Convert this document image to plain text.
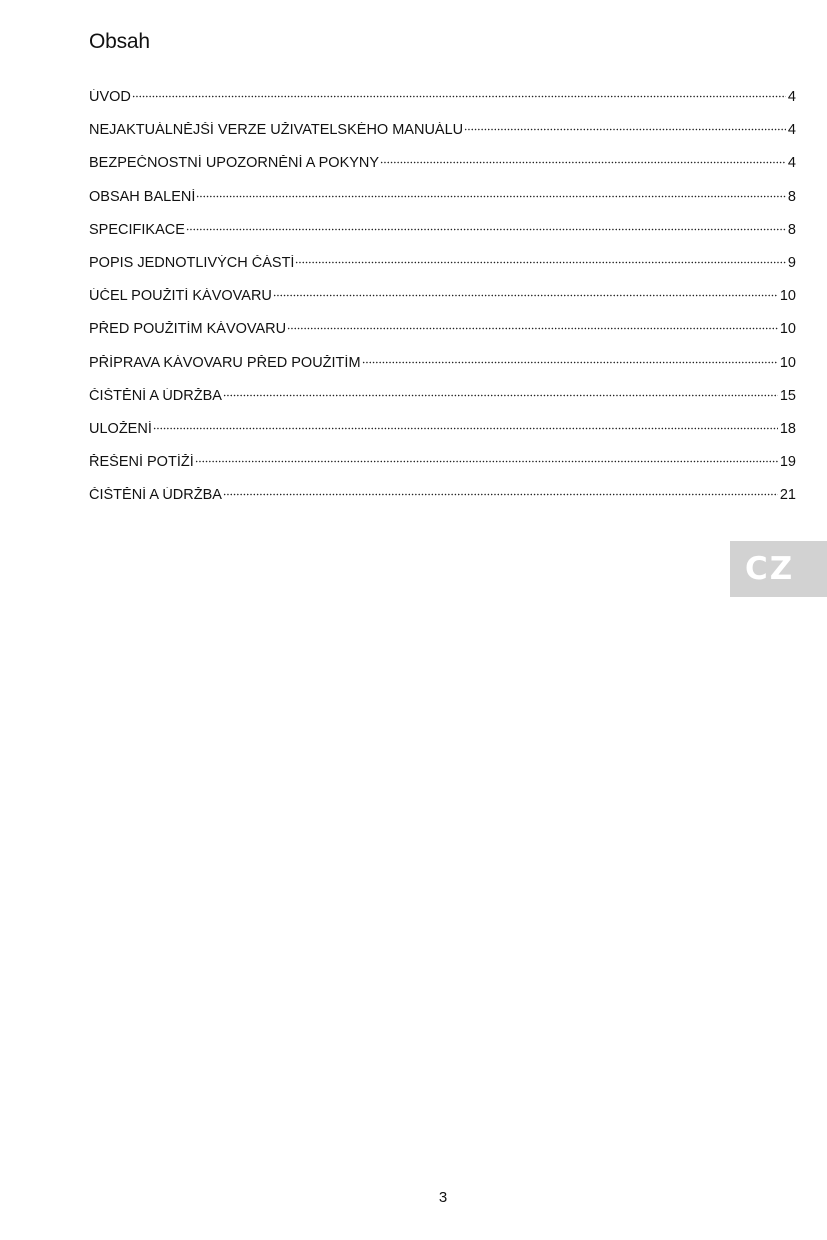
Obsah
ÚVOD	4
NEJAKTUÁLNĚJŠÍ VERZE UŽIVATELSKÉHO MANUÁLU	4
BEZPEČNOSTNÍ UPOZORNĚNÍ A POKYNY	4
OBSAH BALENÍ	8
SPECIFIKACE	8
POPIS JEDNOTLIVÝCH ČÁSTÍ	9
ÚČEL POUŽITÍ KÁVOVARU	10
PŘED POUŽITÍM KÁVOVARU	10
PŘÍPRAVA KÁVOVARU PŘED POUŽITÍM	10
ČIŠTĚNÍ A ÚDRŽBA	15
ULOŽENÍ	18
ŘEŠENÍ POTÍŽÍ	19
ČIŠTĚNÍ A ÚDRŽBA	21
CZ
3
